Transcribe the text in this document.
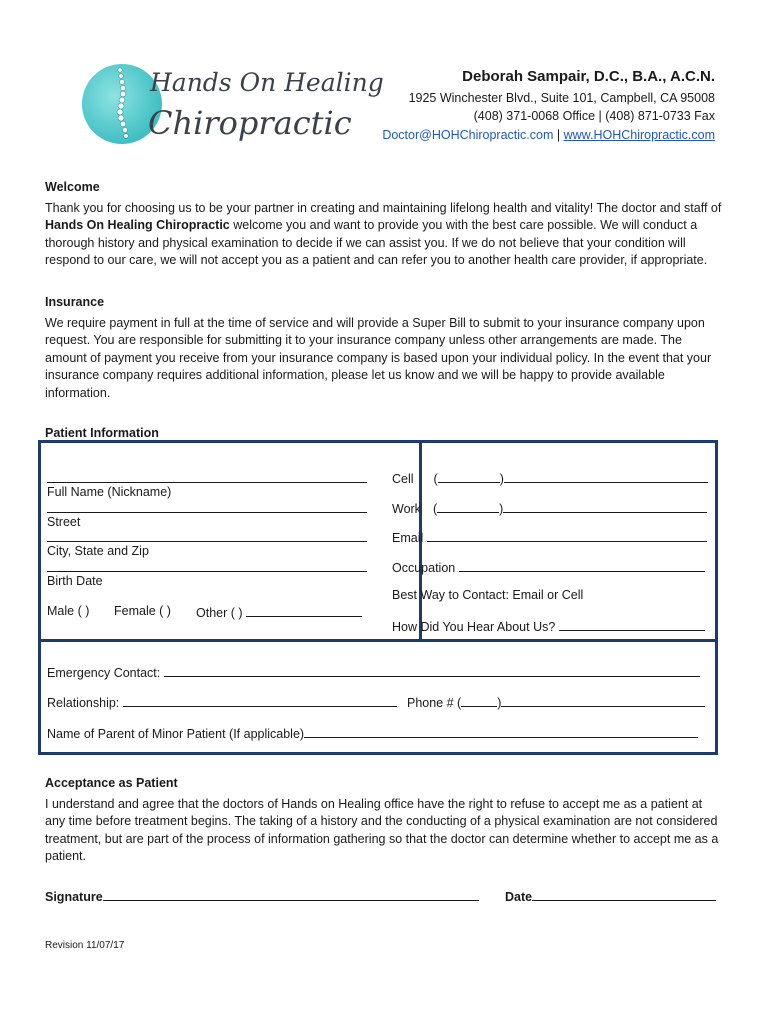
Hands On Healing
Chiropractic
Deborah Sampair, D.C., B.A., A.C.N.
1925 Winchester Blvd., Suite 101, Campbell, CA 95008
(408) 371-0068 Office | (408) 871-0733 Fax
Doctor@HOHChiropractic.com | www.HOHChiropractic.com
Welcome

Thank you for choosing us to be your partner in creating and maintaining lifelong health and vitality! The doctor and staff of Hands On Healing Chiropractic welcome you and want to provide you with the best care possible. We will conduct a thorough history and physical examination to decide if we can assist you. If we do not believe that your condition will respond to our care, we will not accept you as a patient and can refer you to another health care provider, if appropriate.

Insurance

We require payment in full at the time of service and will provide a Super Bill to submit to your insurance company upon request. You are responsible for submitting it to your insurance company unless other arrangements are made. The amount of payment you receive from your insurance company is based upon your individual policy. In the event that your insurance company requires additional information, please let us know and we will be happy to provide available information.

Patient Information
Full Name (Nickname)
Street
City, State and Zip
Birth Date
Male ( ) Female ( ) Other ( )
Cell (	)
Work (	)
Email
Occupation
Best Way to Contact: Email or Cell
How Did You Hear About Us?
Emergency Contact:
Relationship:	Phone # (	)
Name of Parent of Minor Patient (If applicable)
Acceptance as Patient

I understand and agree that the doctors of Hands on Healing office have the right to refuse to accept me as a patient at any time before treatment begins. The taking of a history and the conducting of a physical examination are not considered treatment, but are part of the process of information gathering so that the doctor can determine whether to accept me as a patient.

Signature	Date
Revision 11/07/17
